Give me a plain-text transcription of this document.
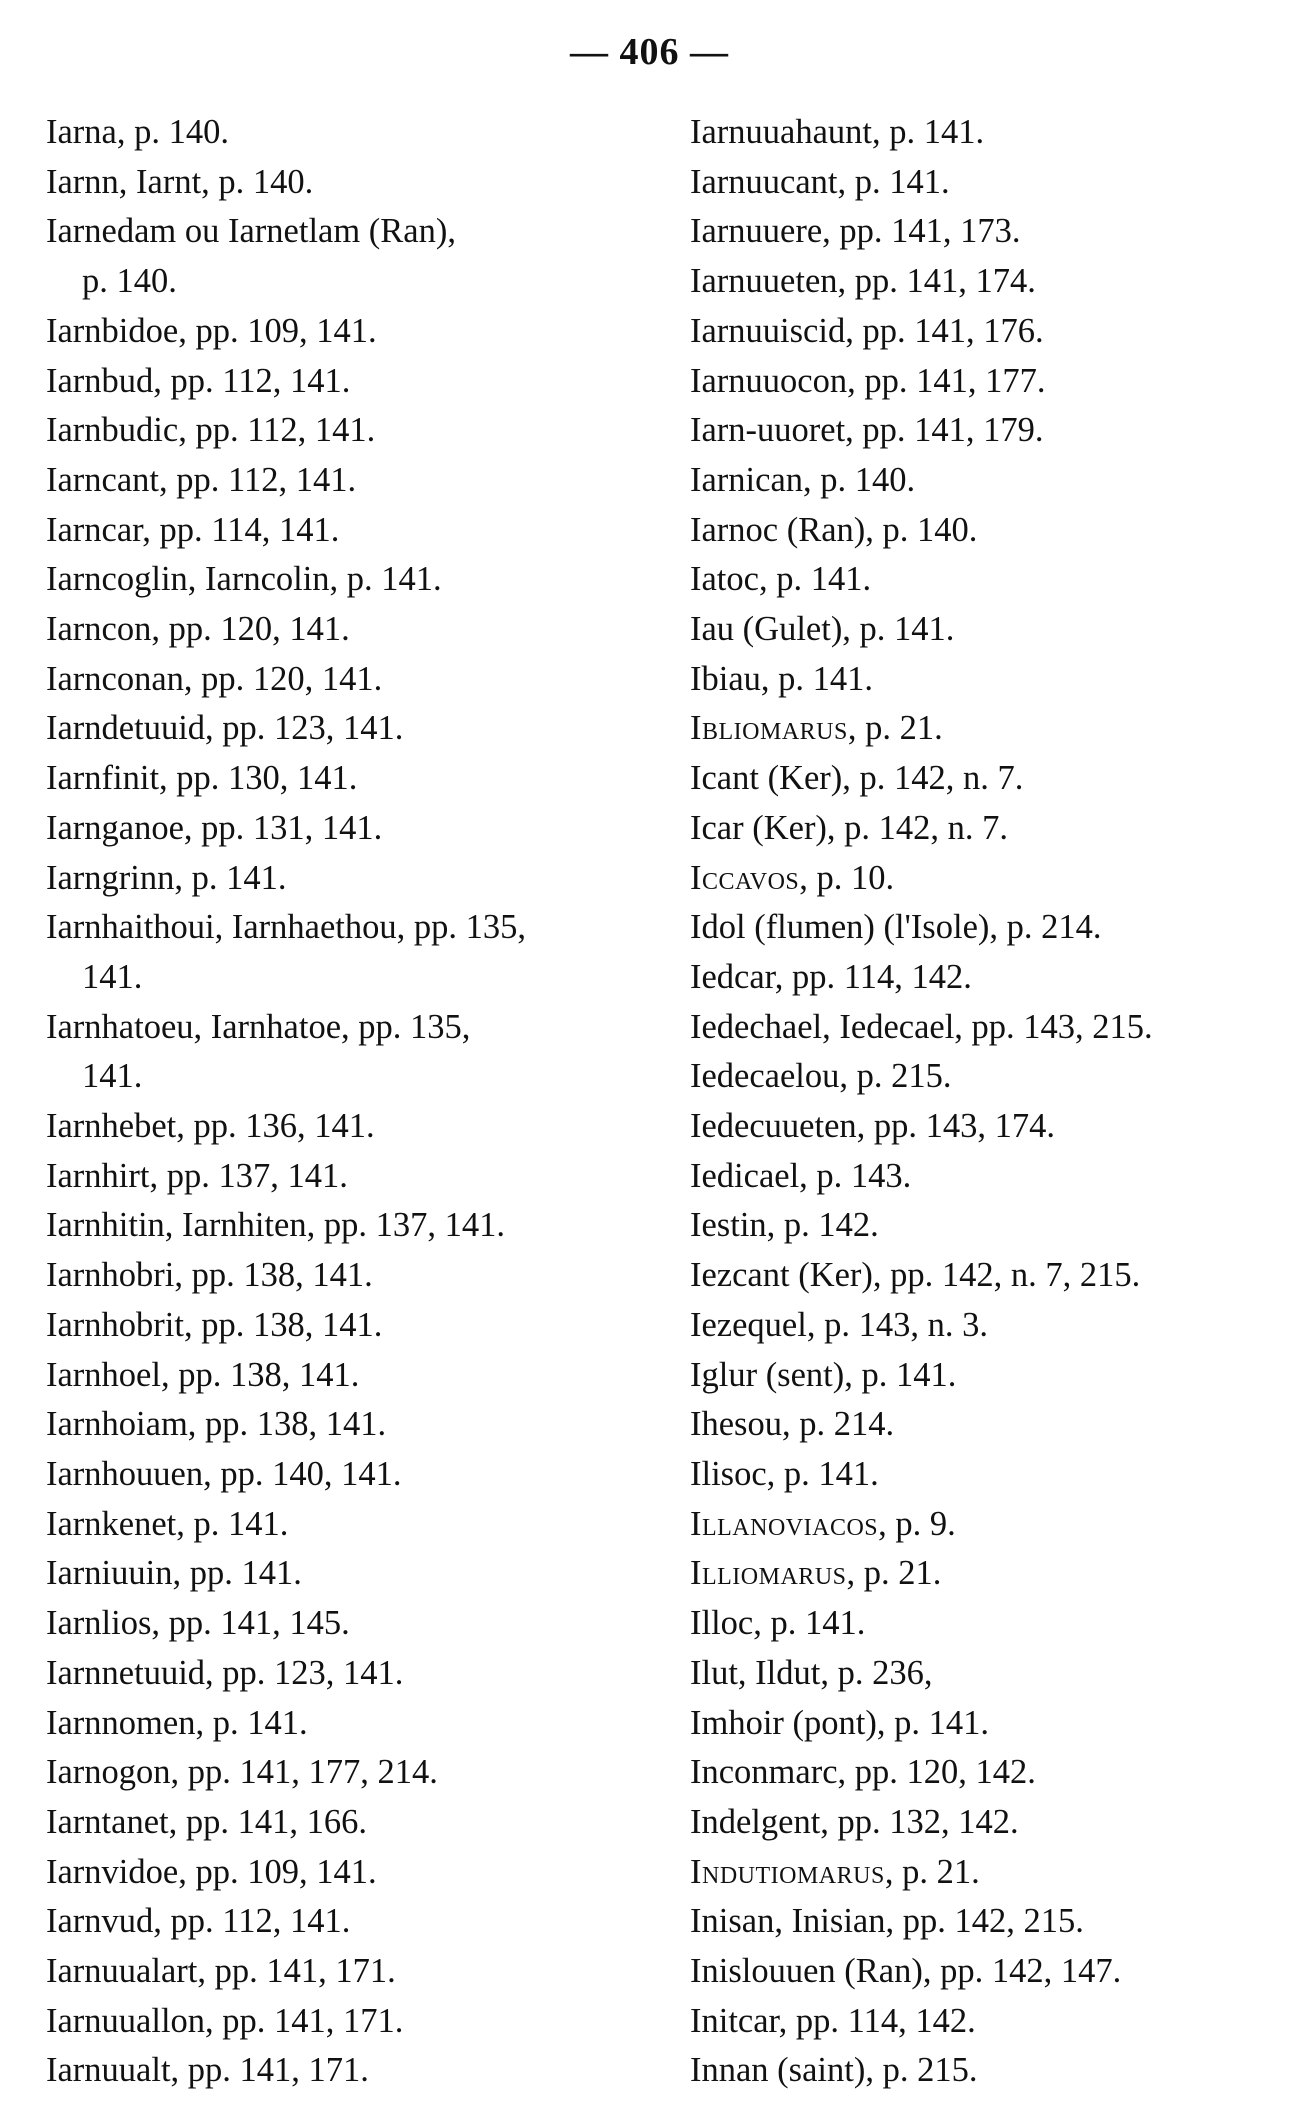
— 406 —
Iarna, p. 140.
Iarnn, Iarnt, p. 140.
Iarnedam ou Iarnetlam (Ran),
p. 140.
Iarnbidoe, pp. 109, 141.
Iarnbud, pp. 112, 141.
Iarnbudic, pp. 112, 141.
Iarncant, pp. 112, 141.
Iarncar, pp. 114, 141.
Iarncoglin, Iarncolin, p. 141.
Iarncon, pp. 120, 141.
Iarnconan, pp. 120, 141.
Iarndetuuid, pp. 123, 141.
Iarnfinit, pp. 130, 141.
Iarnganoe, pp. 131, 141.
Iarngrinn, p. 141.
Iarnhaithoui, Iarnhaethou, pp. 135,
141.
Iarnhatoeu, Iarnhatoe, pp. 135,
141.
Iarnhebet, pp. 136, 141.
Iarnhirt, pp. 137, 141.
Iarnhitin, Iarnhiten, pp. 137, 141.
Iarnhobri, pp. 138, 141.
Iarnhobrit, pp. 138, 141.
Iarnhoel, pp. 138, 141.
Iarnhoiam, pp. 138, 141.
Iarnhouuen, pp. 140, 141.
Iarnkenet, p. 141.
Iarniuuin, pp. 141.
Iarnlios, pp. 141, 145.
Iarnnetuuid, pp. 123, 141.
Iarnnomen, p. 141.
Iarnogon, pp. 141, 177, 214.
Iarntanet, pp. 141, 166.
Iarnvidoe, pp. 109, 141.
Iarnvud, pp. 112, 141.
Iarnuualart, pp. 141, 171.
Iarnuuallon, pp. 141, 171.
Iarnuualt, pp. 141, 171.
Iarnuuahaunt, p. 141.
Iarnuucant, p. 141.
Iarnuuere, pp. 141, 173.
Iarnuueten, pp. 141, 174.
Iarnuuiscid, pp. 141, 176.
Iarnuuocon, pp. 141, 177.
Iarn-uuoret, pp. 141, 179.
Iarnican, p. 140.
Iarnoc (Ran), p. 140.
Iatoc, p. 141.
Iau (Gulet), p. 141.
Ibiau, p. 141.
Ibliomarus, p. 21.
Icant (Ker), p. 142, n. 7.
Icar (Ker), p. 142, n. 7.
Iccavos, p. 10.
Idol (flumen) (l'Isole), p. 214.
Iedcar, pp. 114, 142.
Iedechael, Iedecael, pp. 143, 215.
Iedecaelou, p. 215.
Iedecuueten, pp. 143, 174.
Iedicael, p. 143.
Iestin, p. 142.
Iezcant (Ker), pp. 142, n. 7, 215.
Iezequel, p. 143, n. 3.
Iglur (sent), p. 141.
Ihesou, p. 214.
Ilisoc, p. 141.
Illanoviacos, p. 9.
Illiomarus, p. 21.
Illoc, p. 141.
Ilut, Ildut, p. 236,
Imhoir (pont), p. 141.
Inconmarc, pp. 120, 142.
Indelgent, pp. 132, 142.
Indutiomarus, p. 21.
Inisan, Inisian, pp. 142, 215.
Inislouuen (Ran), pp. 142, 147.
Initcar, pp. 114, 142.
Innan (saint), p. 215.
